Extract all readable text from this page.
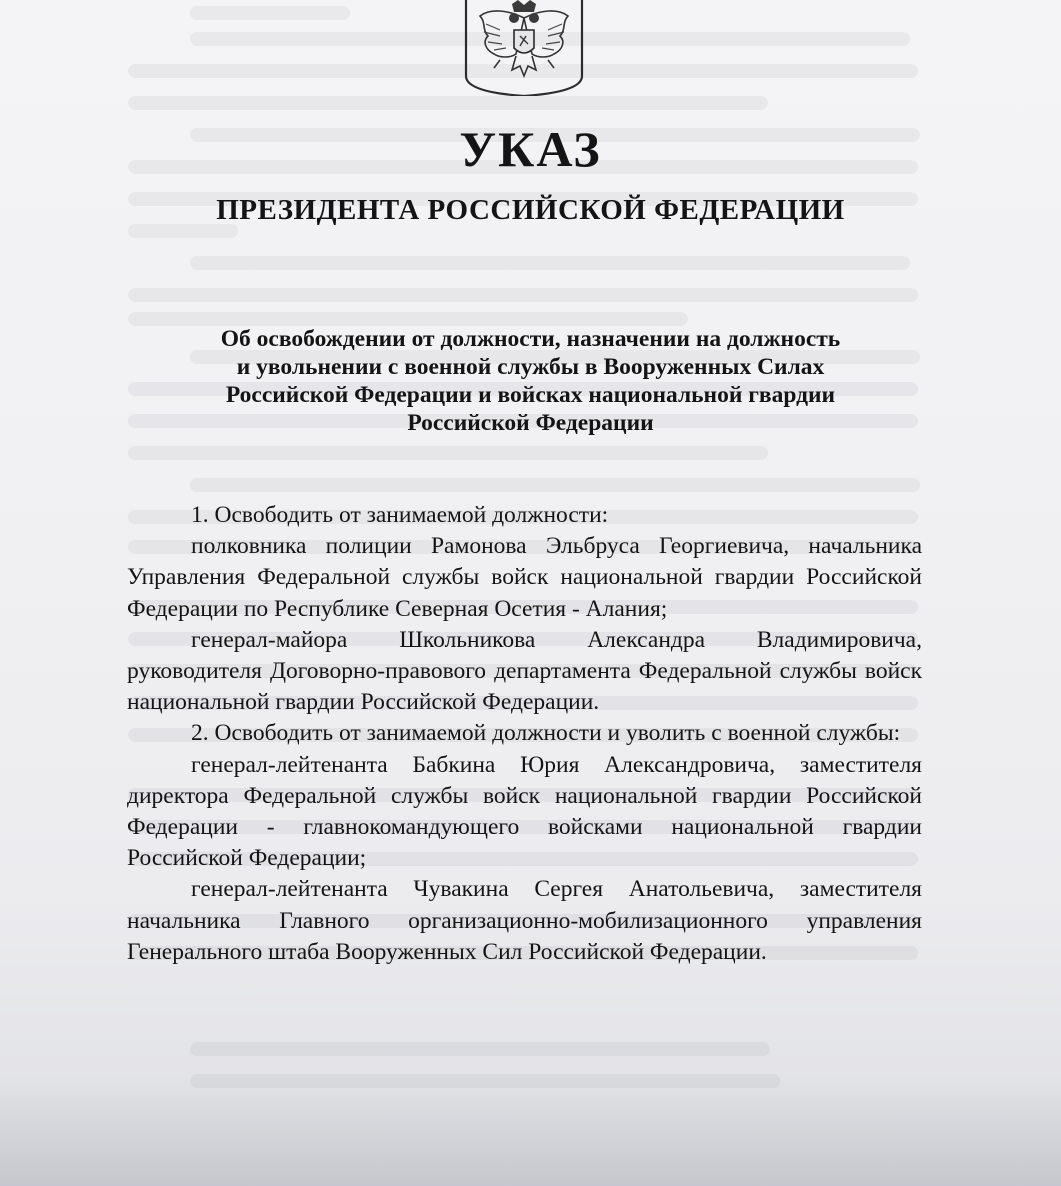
УКАЗ
ПРЕЗИДЕНТА РОССИЙСКОЙ ФЕДЕРАЦИИ
Об освобождении от должности, назначении на должность
и увольнении с военной службы в Вооруженных Силах
Российской Федерации и войсках национальной гвардии
Российской Федерации

1. Освободить от занимаемой должности:

полковника полиции Рамонова Эльбруса Георгиевича, начальника Управления Федеральной службы войск национальной гвардии Российской Федерации по Республике Северная Осетия - Алания;

генерал-майора Школьникова Александра Владимировича, руководителя Договорно-правового департамента Федеральной службы войск национальной гвардии Российской Федерации.

2. Освободить от занимаемой должности и уволить с военной службы:

генерал-лейтенанта Бабкина Юрия Александровича, заместителя директора Федеральной службы войск национальной гвардии Российской Федерации - главнокомандующего войсками национальной гвардии Российской Федерации;

генерал-лейтенанта Чувакина Сергея Анатольевича, заместителя начальника Главного организационно-мобилизационного управления Генерального штаба Вооруженных Сил Российской Федерации.
